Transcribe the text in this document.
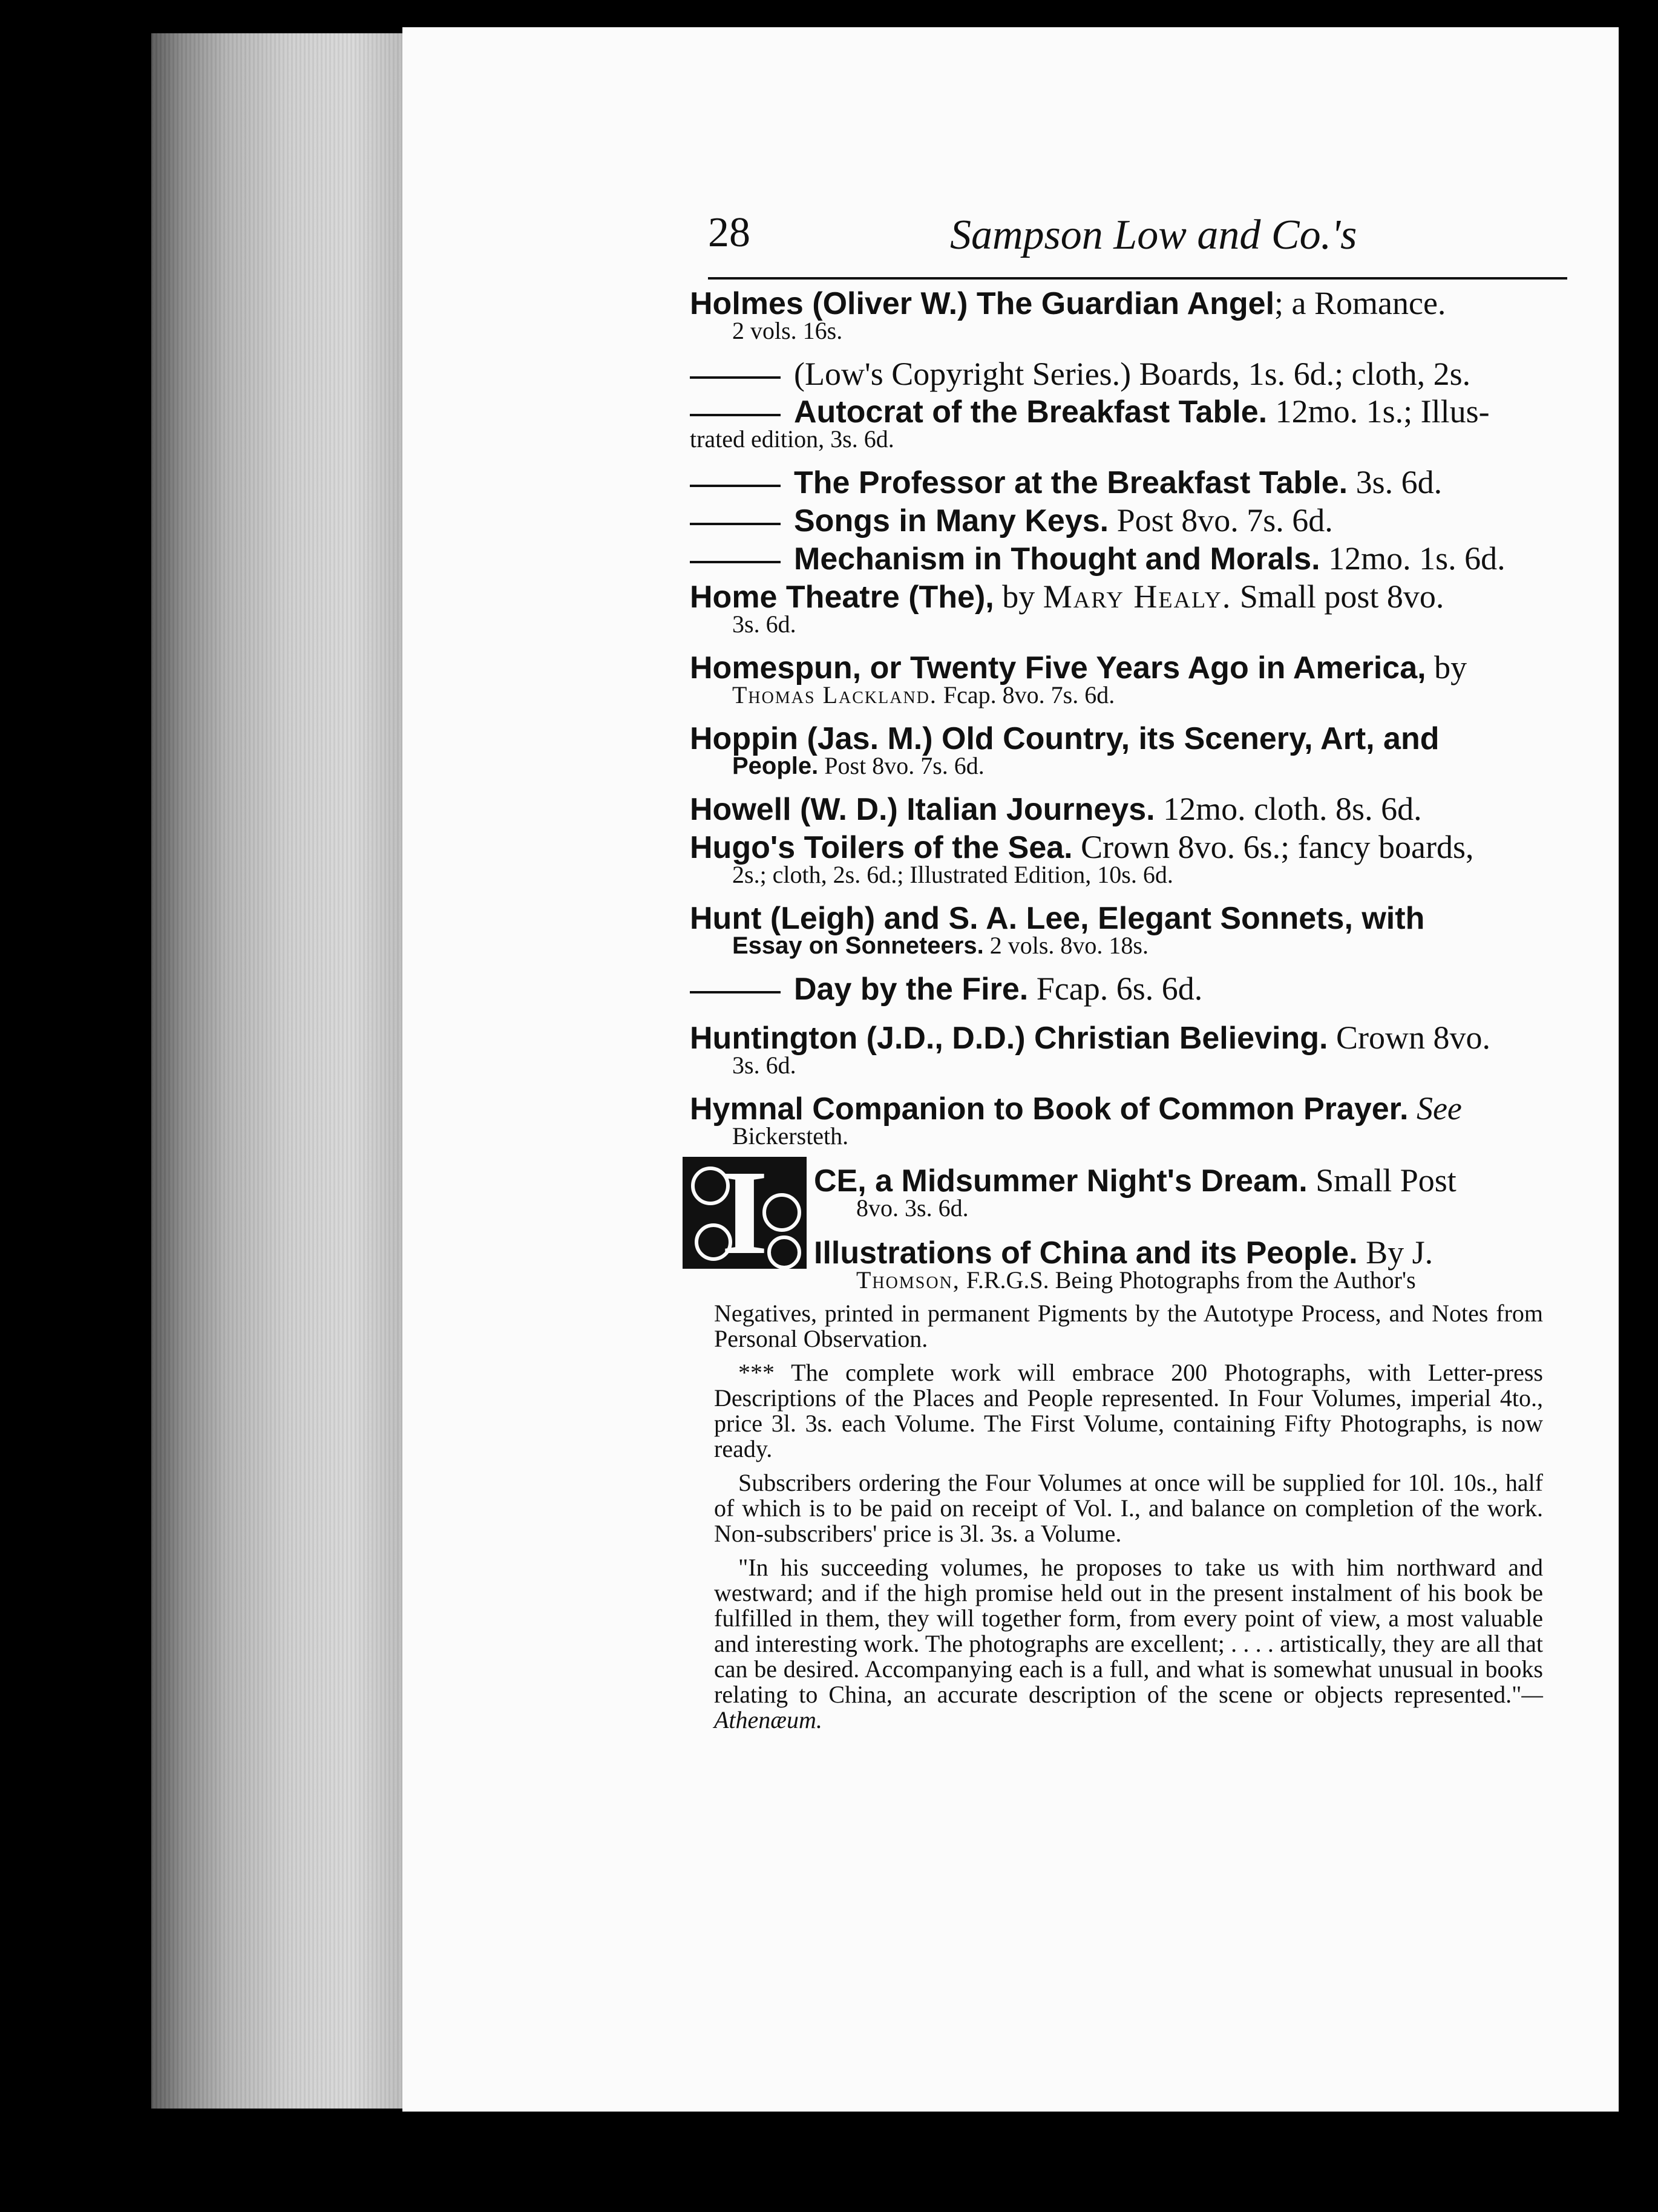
28	Sampson Low and Co.'s
Holmes (Oliver W.) The Guardian Angel; a Romance.
2 vols. 16s.
(Low's Copyright Series.) Boards, 1s. 6d.; cloth, 2s.
Autocrat of the Breakfast Table. 12mo. 1s.; Illus-
trated edition, 3s. 6d.
The Professor at the Breakfast Table. 3s. 6d.
Songs in Many Keys. Post 8vo. 7s. 6d.
Mechanism in Thought and Morals. 12mo. 1s. 6d.
Home Theatre (The), by Mary Healy. Small post 8vo.
3s. 6d.
Homespun, or Twenty Five Years Ago in America, by
Thomas Lackland. Fcap. 8vo. 7s. 6d.
Hoppin (Jas. M.) Old Country, its Scenery, Art, and
People. Post 8vo. 7s. 6d.
Howell (W. D.) Italian Journeys. 12mo. cloth. 8s. 6d.
Hugo's Toilers of the Sea. Crown 8vo. 6s.; fancy boards,
2s.; cloth, 2s. 6d.; Illustrated Edition, 10s. 6d.
Hunt (Leigh) and S. A. Lee, Elegant Sonnets, with
Essay on Sonneteers. 2 vols. 8vo. 18s.
Day by the Fire. Fcap. 6s. 6d.
Huntington (J.D., D.D.) Christian Believing. Crown 8vo.
3s. 6d.
Hymnal Companion to Book of Common Prayer. See
Bickersteth.
I	CE, a Midsummer Night's Dream. Small Post
8vo. 3s. 6d.
Illustrations of China and its People. By J.
Thomson, F.R.G.S. Being Photographs from the Author's

Negatives, printed in permanent Pigments by the Autotype Process, and Notes from Personal Observation.

*** The complete work will embrace 200 Photographs, with Letter-press Descriptions of the Places and People represented. In Four Volumes, imperial 4to., price 3l. 3s. each Volume. The First Volume, containing Fifty Photographs, is now ready.

Subscribers ordering the Four Volumes at once will be supplied for 10l. 10s., half of which is to be paid on receipt of Vol. I., and balance on completion of the work. Non-subscribers' price is 3l. 3s. a Volume.

"In his succeeding volumes, he proposes to take us with him northward and westward; and if the high promise held out in the present instalment of his book be fulfilled in them, they will together form, from every point of view, a most valuable and interesting work. The photographs are excellent; . . . . artistically, they are all that can be desired. Accompanying each is a full, and what is somewhat unusual in books relating to China, an accurate description of the scene or objects represented."—Athenæum.
